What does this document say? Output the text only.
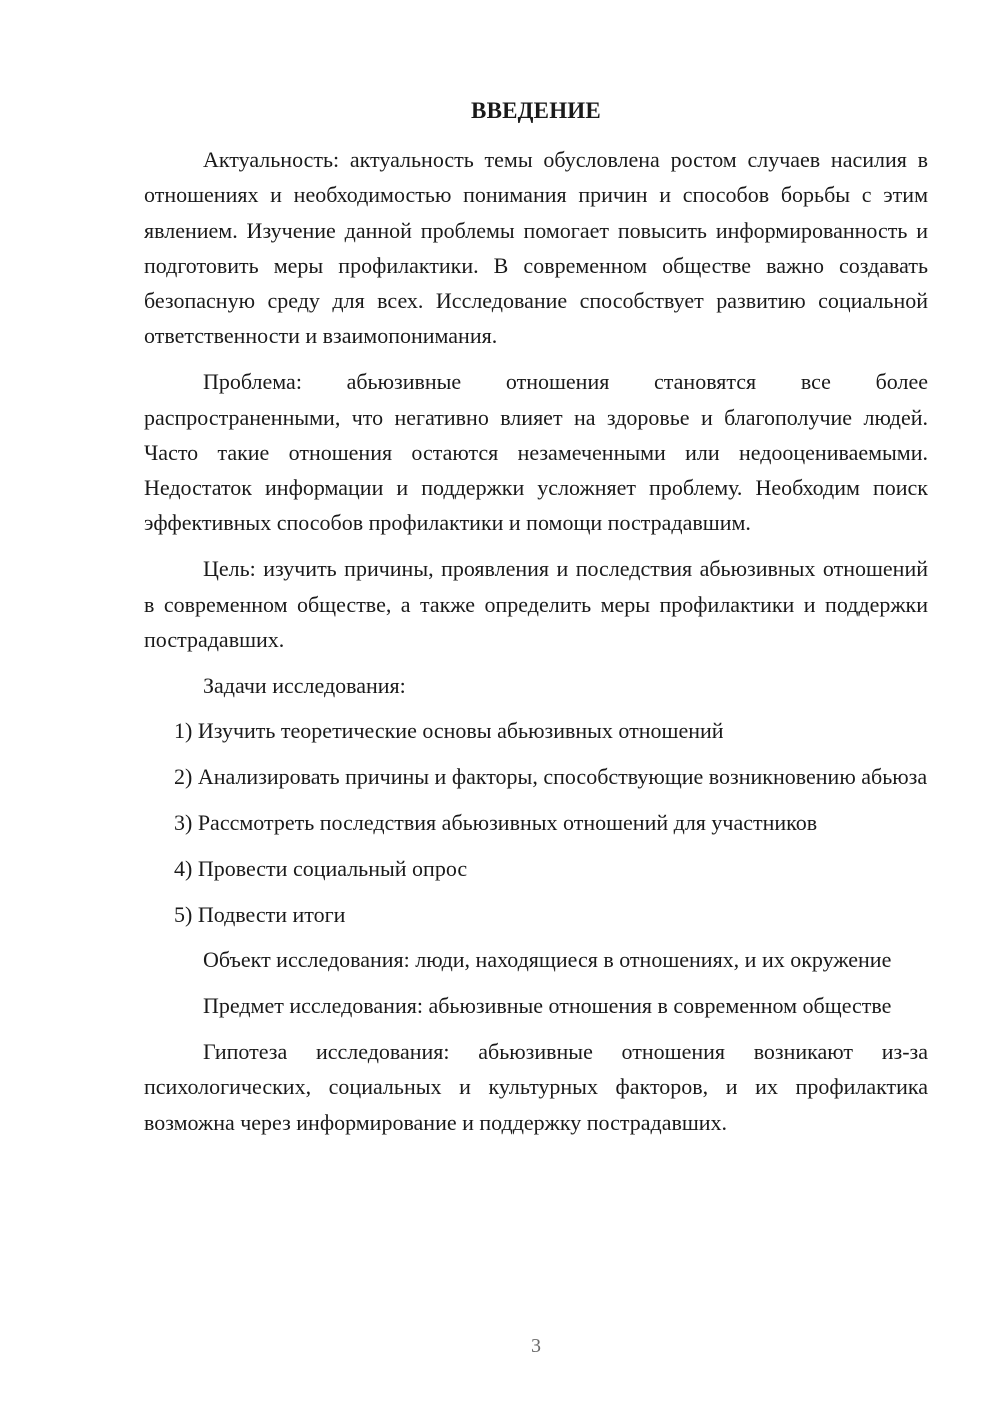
ВВЕДЕНИЕ

Актуальность: актуальность темы обусловлена ростом случаев насилия в отношениях и необходимостью понимания причин и способов борьбы с этим явлением. Изучение данной проблемы помогает повысить информированность и подготовить меры профилактики. В современном обществе важно создавать безопасную среду для всех. Исследование способствует развитию социальной ответственности и взаимопонимания.

Проблема: абьюзивные отношения становятся все более распространенными, что негативно влияет на здоровье и благополучие людей. Часто такие отношения остаются незамеченными или недооцениваемыми. Недостаток информации и поддержки усложняет проблему. Необходим поиск эффективных способов профилактики и помощи пострадавшим.

Цель: изучить причины, проявления и последствия абьюзивных отношений в современном обществе, а также определить меры профилактики и поддержки пострадавших.

Задачи исследования:

1) Изучить теоретические основы абьюзивных отношений

2) Анализировать причины и факторы, способствующие возникновению абьюза

3) Рассмотреть последствия абьюзивных отношений для участников

4) Провести социальный опрос

5) Подвести итоги

Объект исследования: люди, находящиеся в отношениях, и их окружение

Предмет исследования: абьюзивные отношения в современном обществе

Гипотеза исследования: абьюзивные отношения возникают из-за психологических, социальных и культурных факторов, и их профилактика возможна через информирование и поддержку пострадавших.

3
